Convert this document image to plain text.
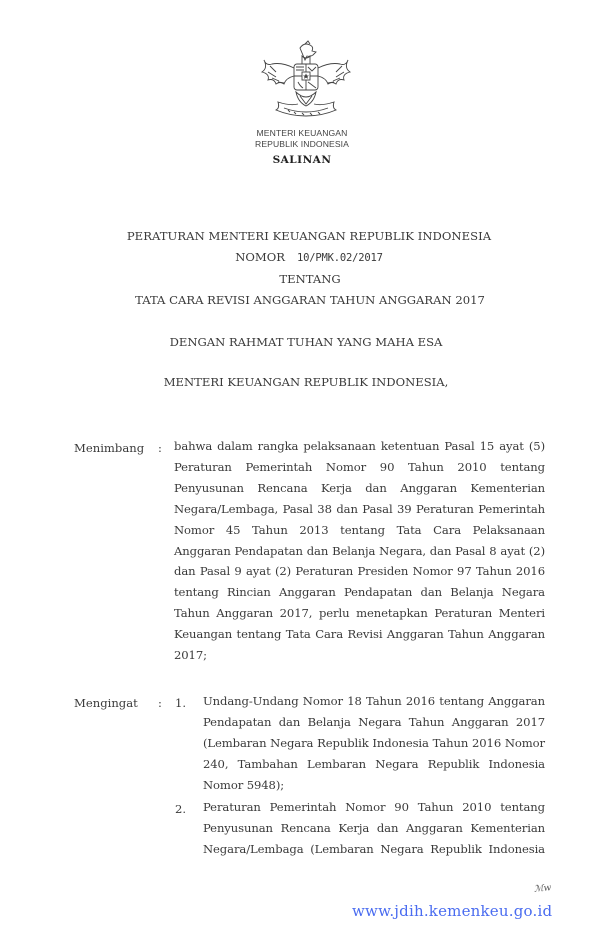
MENTERI KEUANGAN
REPUBLIK INDONESIA
SALINAN
PERATURAN MENTERI KEUANGAN REPUBLIK INDONESIA
NOMOR 10/PMK.02/2017
TENTANG
TATA CARA REVISI ANGGARAN TAHUN ANGGARAN 2017
DENGAN RAHMAT TUHAN YANG MAHA ESA
MENTERI KEUANGAN REPUBLIK INDONESIA,
Menimbang : bahwa dalam rangka pelaksanaan ketentuan Pasal 15 ayat (5) Peraturan Pemerintah Nomor 90 Tahun 2010 tentang Penyusunan Rencana Kerja dan Anggaran Kementerian Negara/Lembaga, Pasal 38 dan Pasal 39 Peraturan Pemerintah Nomor 45 Tahun 2013 tentang Tata Cara Pelaksanaan Anggaran Pendapatan dan Belanja Negara, dan Pasal 8 ayat (2) dan Pasal 9 ayat (2) Peraturan Presiden Nomor 97 Tahun 2016 tentang Rincian Anggaran Pendapatan dan Belanja Negara Tahun Anggaran 2017, perlu menetapkan Peraturan Menteri Keuangan tentang Tata Cara Revisi Anggaran Tahun Anggaran 2017;
Mengingat : 1. Undang-Undang Nomor 18 Tahun 2016 tentang Anggaran Pendapatan dan Belanja Negara Tahun Anggaran 2017 (Lembaran Negara Republik Indonesia Tahun 2016 Nomor 240, Tambahan Lembaran Negara Republik Indonesia Nomor 5948);
2. Peraturan Pemerintah Nomor 90 Tahun 2010 tentang Penyusunan Rencana Kerja dan Anggaran Kementerian Negara/Lembaga (Lembaran Negara Republik Indonesia
ℳw
www.jdih.kemenkeu.go.id
